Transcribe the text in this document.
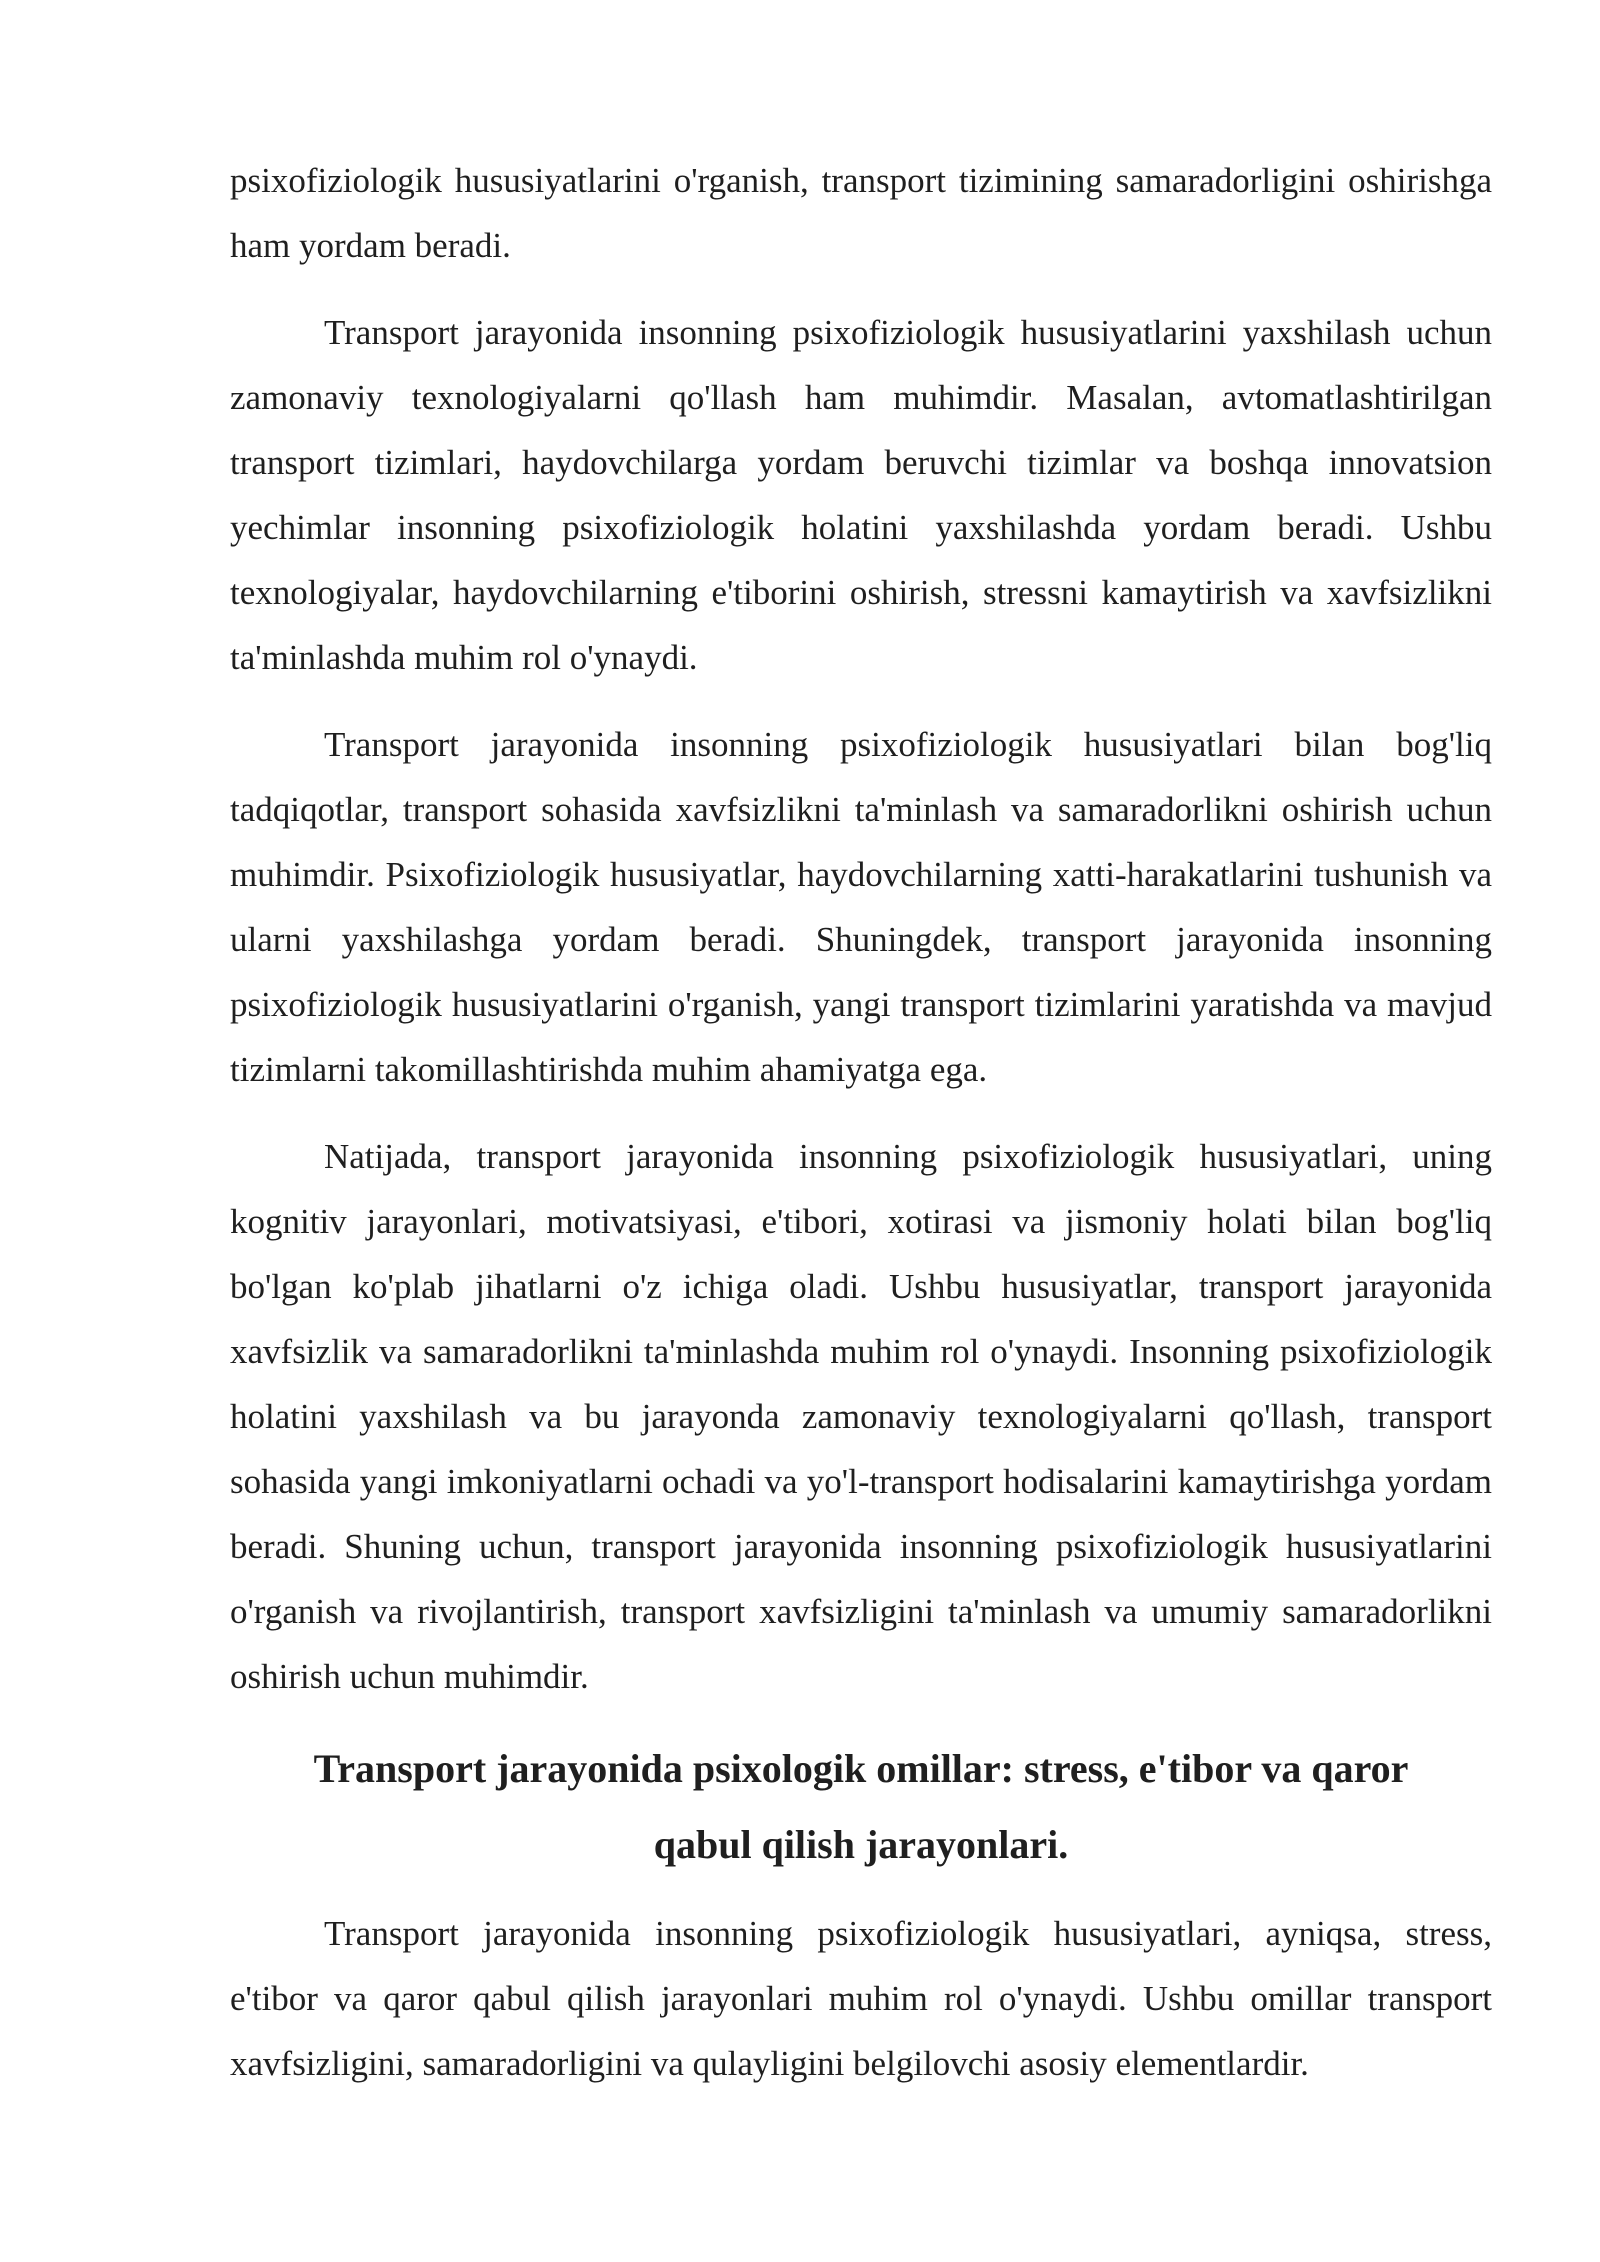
psixofiziologik hususiyatlarini o'rganish, transport tizimining samaradorligini oshirishga ham yordam beradi.

Transport jarayonida insonning psixofiziologik hususiyatlarini yaxshilash uchun zamonaviy texnologiyalarni qo'llash ham muhimdir. Masalan, avtomatlashtirilgan transport tizimlari, haydovchilarga yordam beruvchi tizimlar va boshqa innovatsion yechimlar insonning psixofiziologik holatini yaxshilashda yordam beradi. Ushbu texnologiyalar, haydovchilarning e'tiborini oshirish, stressni kamaytirish va xavfsizlikni ta'minlashda muhim rol o'ynaydi.

Transport jarayonida insonning psixofiziologik hususiyatlari bilan bog'liq tadqiqotlar, transport sohasida xavfsizlikni ta'minlash va samaradorlikni oshirish uchun muhimdir. Psixofiziologik hususiyatlar, haydovchilarning xatti-harakatlarini tushunish va ularni yaxshilashga yordam beradi. Shuningdek, transport jarayonida insonning psixofiziologik hususiyatlarini o'rganish, yangi transport tizimlarini yaratishda va mavjud tizimlarni takomillashtirishda muhim ahamiyatga ega.

Natijada, transport jarayonida insonning psixofiziologik hususiyatlari, uning kognitiv jarayonlari, motivatsiyasi, e'tibori, xotirasi va jismoniy holati bilan bog'liq bo'lgan ko'plab jihatlarni o'z ichiga oladi. Ushbu hususiyatlar, transport jarayonida xavfsizlik va samaradorlikni ta'minlashda muhim rol o'ynaydi. Insonning psixofiziologik holatini yaxshilash va bu jarayonda zamonaviy texnologiyalarni qo'llash, transport sohasida yangi imkoniyatlarni ochadi va yo'l-transport hodisalarini kamaytirishga yordam beradi. Shuning uchun, transport jarayonida insonning psixofiziologik hususiyatlarini o'rganish va rivojlantirish, transport xavfsizligini ta'minlash va umumiy samaradorlikni oshirish uchun muhimdir.

Transport jarayonida psixologik omillar: stress, e'tibor va qaror qabul qilish jarayonlari.

Transport jarayonida insonning psixofiziologik hususiyatlari, ayniqsa, stress, e'tibor va qaror qabul qilish jarayonlari muhim rol o'ynaydi. Ushbu omillar transport xavfsizligini, samaradorligini va qulayligini belgilovchi asosiy elementlardir.
